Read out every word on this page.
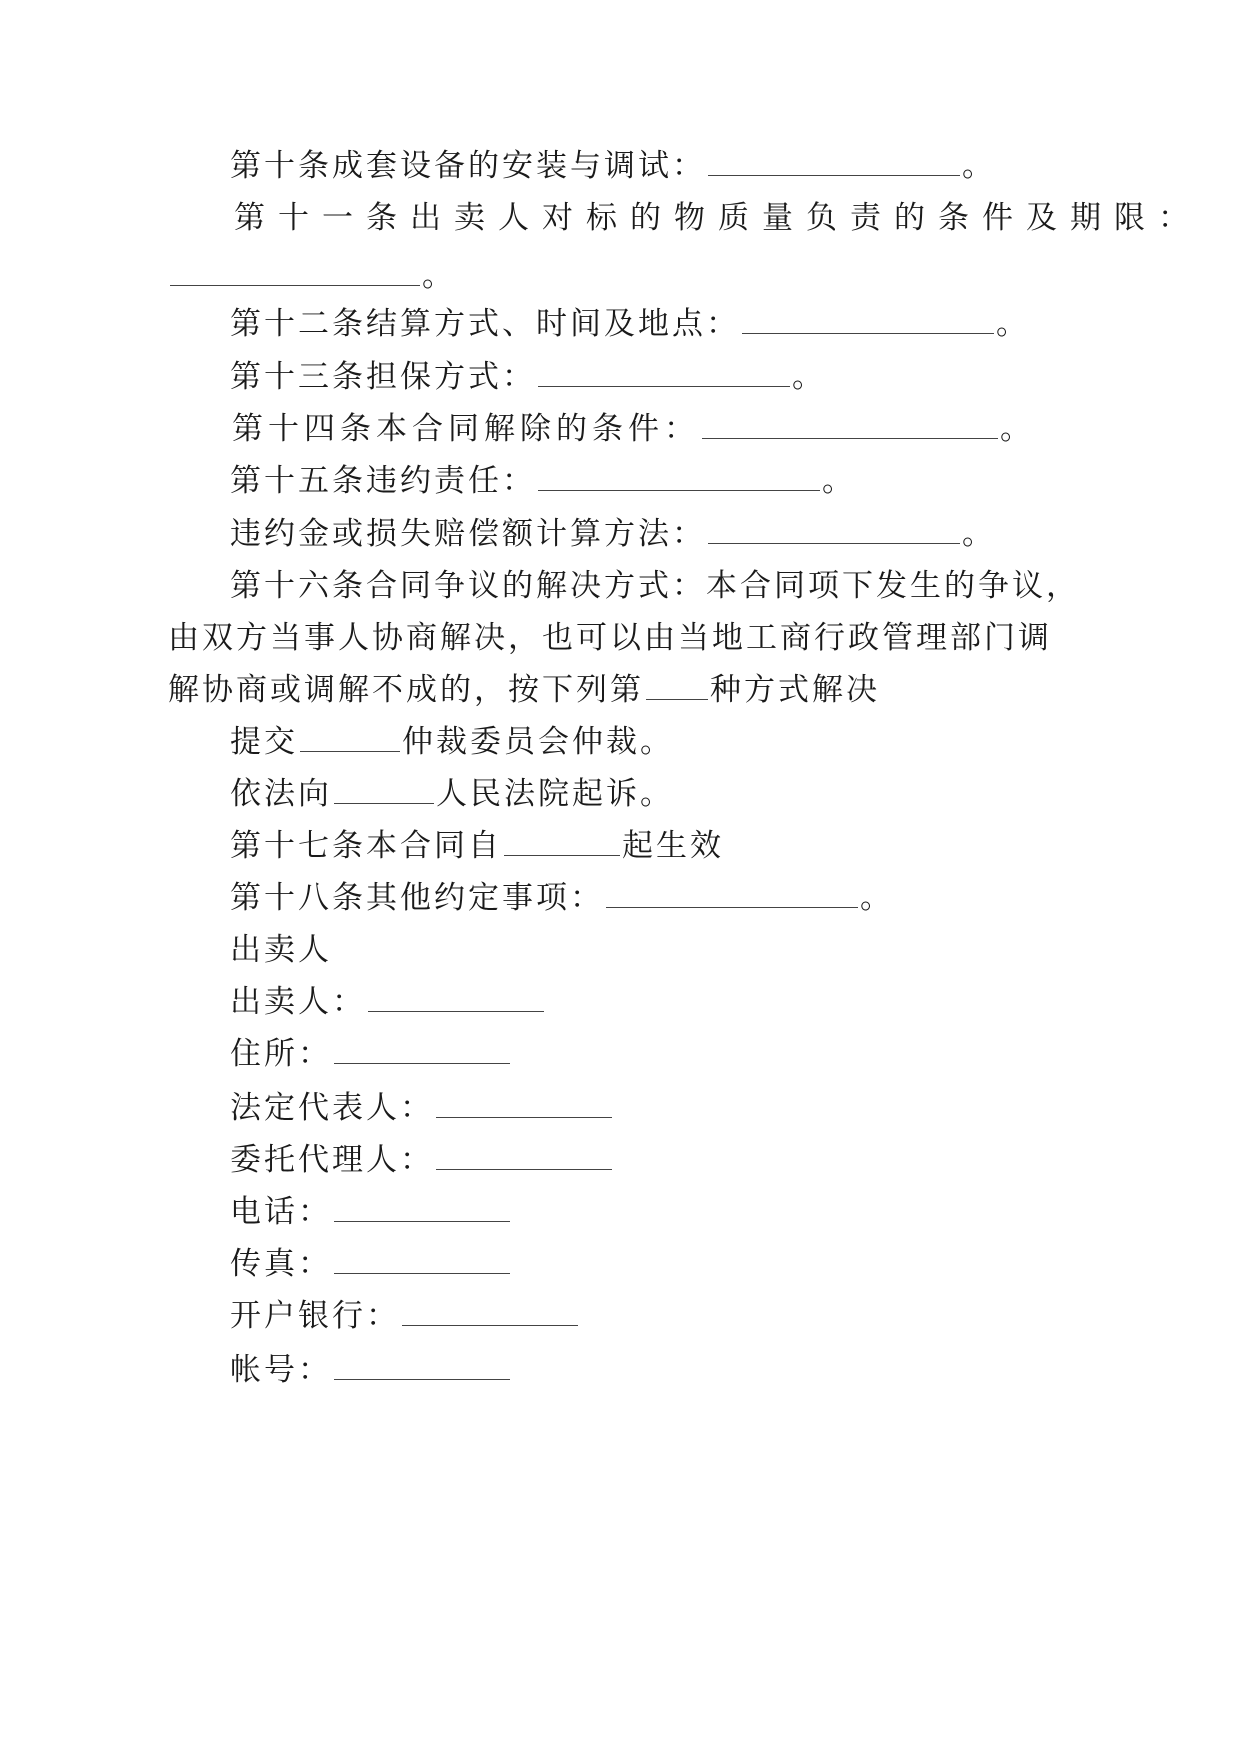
第十条成套设备的安装与调试：	。
第十一条出卖人对标的物质量负责的条件及期限：
。
第十二条结算方式、时间及地点：	。
第十三条担保方式：	。
第十四条本合同解除的条件：	。
第十五条违约责任：	。
违约金或损失赔偿额计算方法：	。
第十六条合同争议的解决方式：本合同项下发生的争议，
由双方当事人协商解决，也可以由当地工商行政管理部门调
解协商或调解不成的，按下列第 种方式解决
提交	仲裁委员会仲裁。
依法向	人民法院起诉。
第十七条本合同自	起生效
第十八条其他约定事项：	。
出卖人
出卖人：
住所：
法定代表人：
委托代理人：
电话：
传真：
开户银行：
帐号：
